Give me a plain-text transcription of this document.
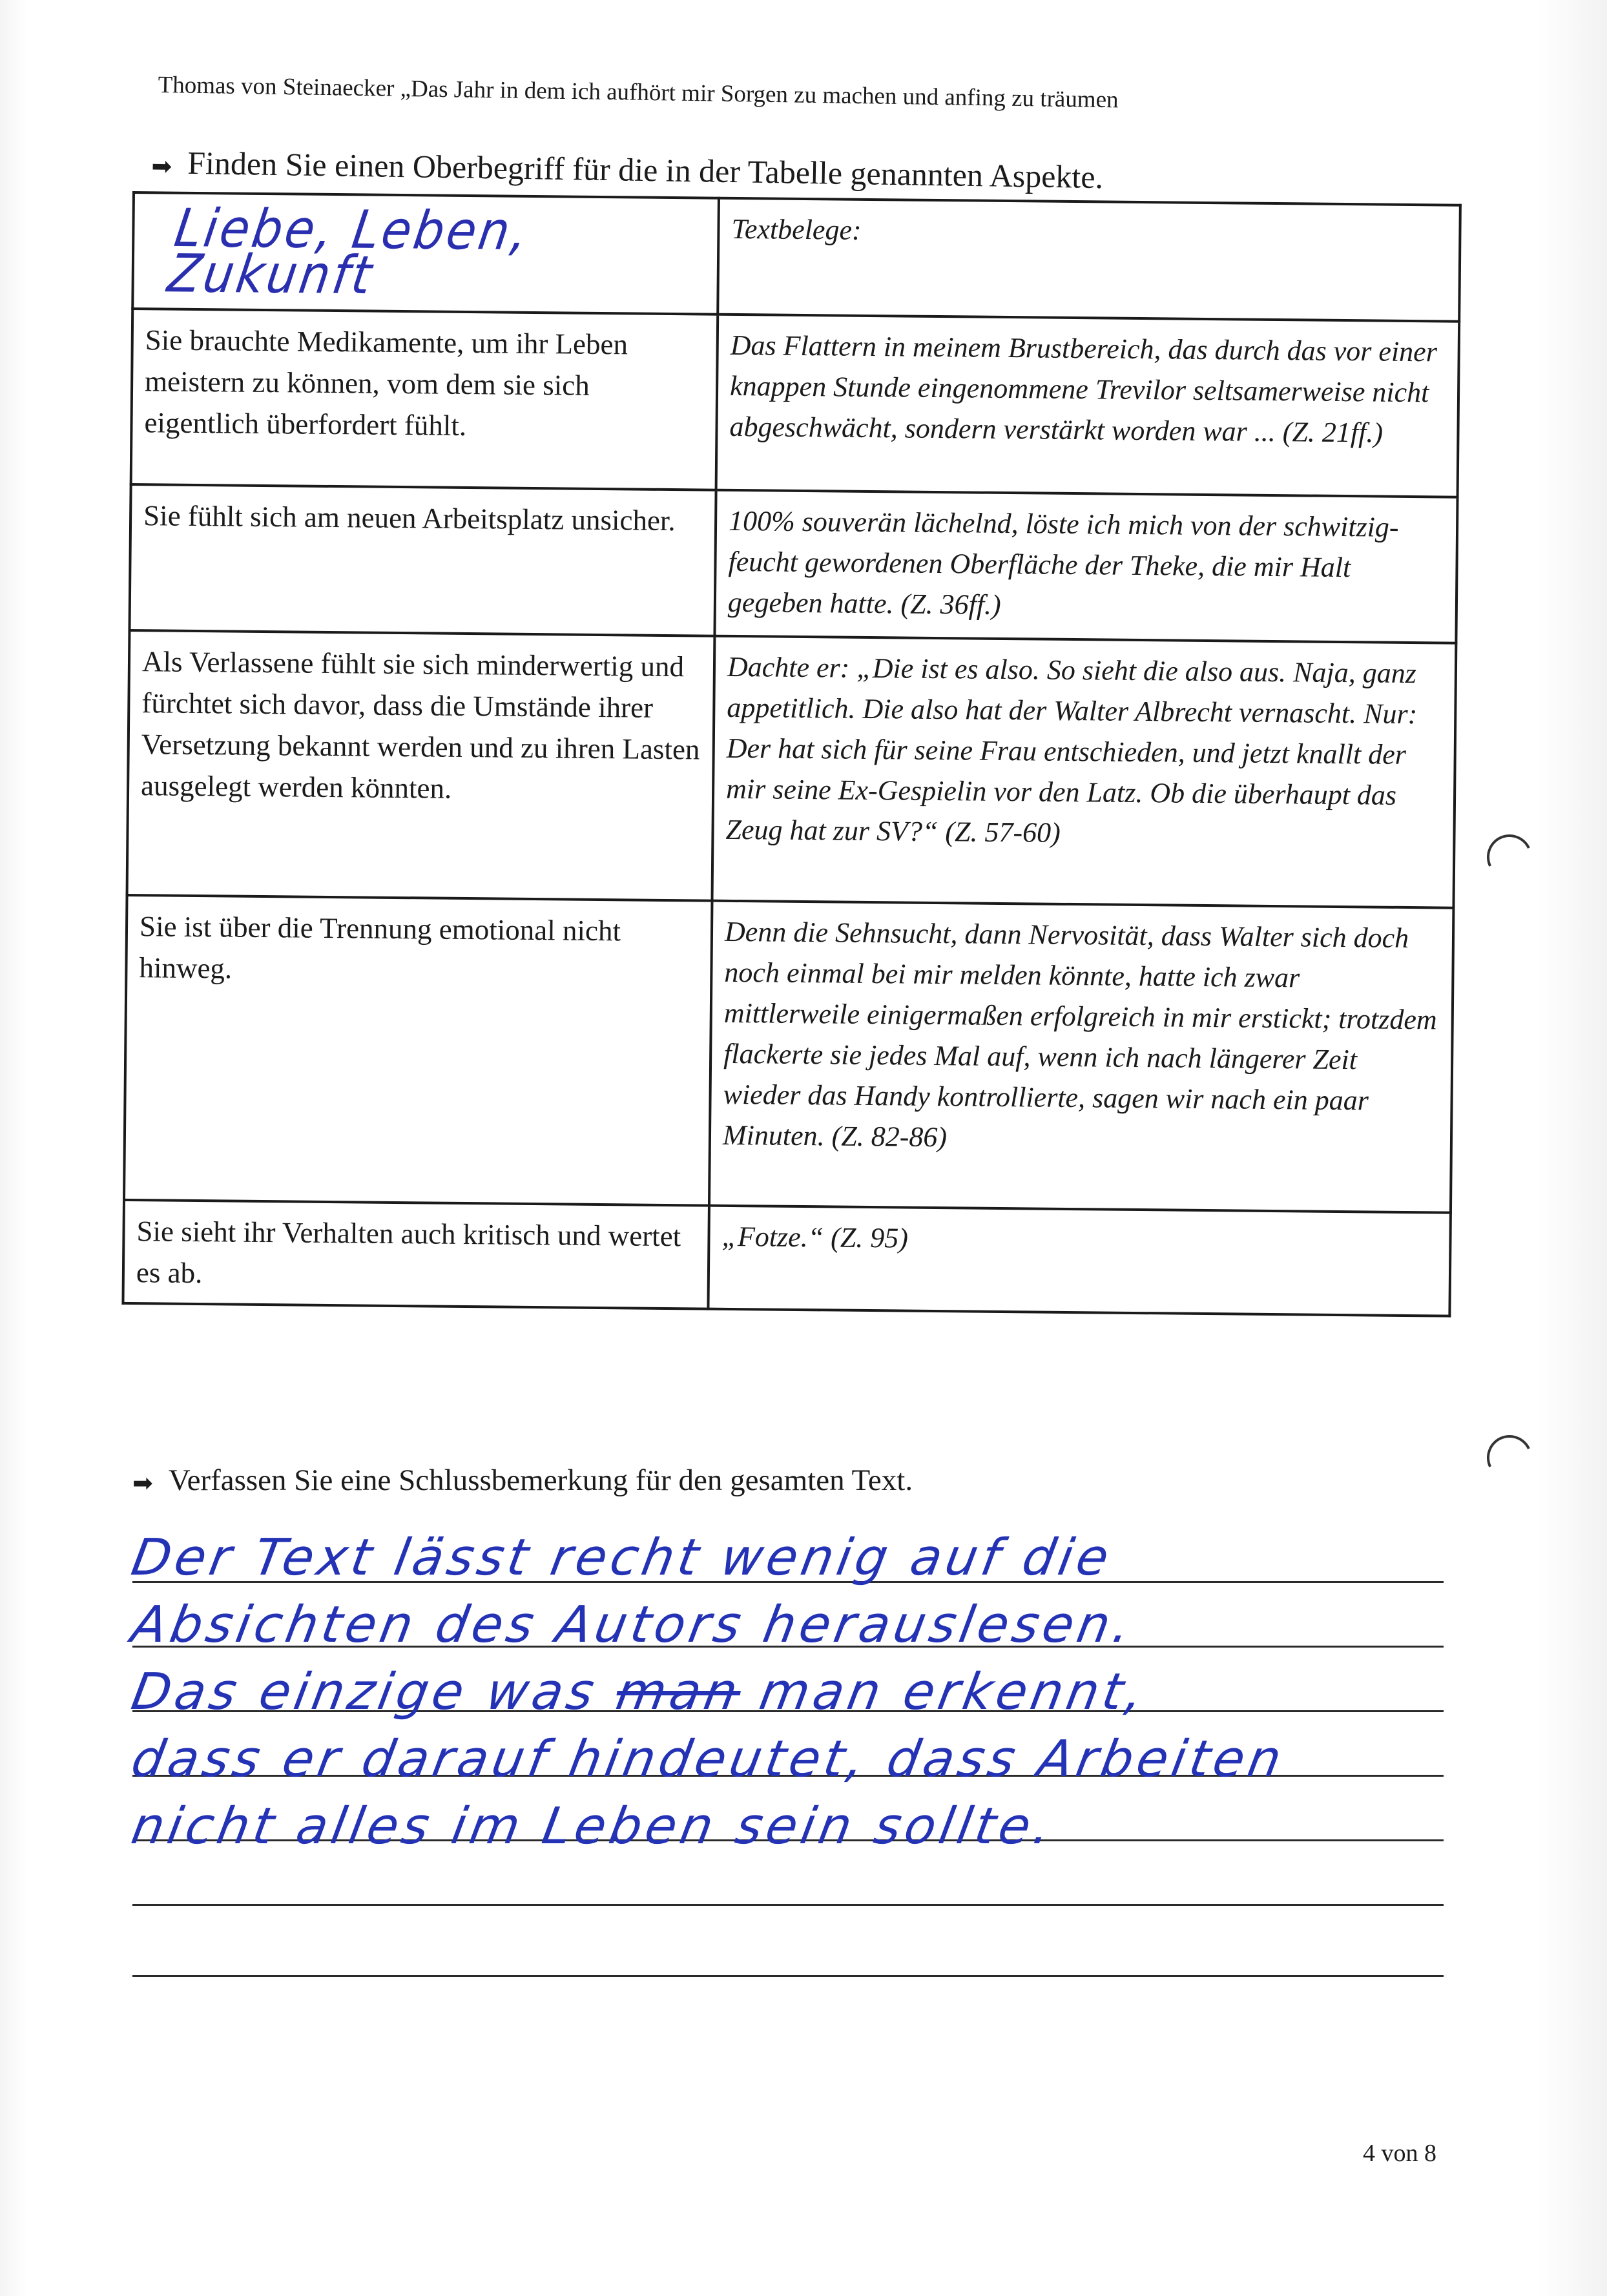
Thomas von Steinaecker „Das Jahr in dem ich aufhört mir Sorgen zu machen und anfing zu träumen
➡ Finden Sie einen Oberbegriff für die in der Tabelle genannten Aspekte.
Liebe, Leben, Zukunft	Textbelege:
Sie brauchte Medikamente, um ihr Leben meistern zu können, vom dem sie sich eigentlich überfordert fühlt.	Das Flattern in meinem Brustbereich, das durch das vor einer knappen Stunde eingenommene Trevilor seltsamerweise nicht abgeschwächt, sondern verstärkt worden war ... (Z. 21ff.)
Sie fühlt sich am neuen Arbeitsplatz unsicher.	100% souverän lächelnd, löste ich mich von der schwitzig-feucht gewordenen Oberfläche der Theke, die mir Halt gegeben hatte. (Z. 36ff.)
Als Verlassene fühlt sie sich minderwertig und fürchtet sich davor, dass die Umstände ihrer Versetzung bekannt werden und zu ihren Lasten ausgelegt werden könnten.	Dachte er: „Die ist es also. So sieht die also aus. Naja, ganz appetitlich. Die also hat der Walter Albrecht vernascht. Nur: Der hat sich für seine Frau entschieden, und jetzt knallt der mir seine Ex-Gespielin vor den Latz. Ob die überhaupt das Zeug hat zur SV?“ (Z. 57-60)
Sie ist über die Trennung emotional nicht hinweg.	Denn die Sehnsucht, dann Nervosität, dass Walter sich doch noch einmal bei mir melden könnte, hatte ich zwar mittlerweile einigermaßen erfolgreich in mir erstickt; trotzdem flackerte sie jedes Mal auf, wenn ich nach längerer Zeit wieder das Handy kontrollierte, sagen wir nach ein paar Minuten. (Z. 82-86)
Sie sieht ihr Verhalten auch kritisch und wertet es ab.	„Fotze.“ (Z. 95)
➡ Verfassen Sie eine Schlussbemerkung für den gesamten Text.
Der Text lässt recht wenig auf die
Absichten des Autors herauslesen.
Das einzige was man man erkennt,
dass er darauf hindeutet, dass Arbeiten
nicht alles im Leben sein sollte.
4 von 8
